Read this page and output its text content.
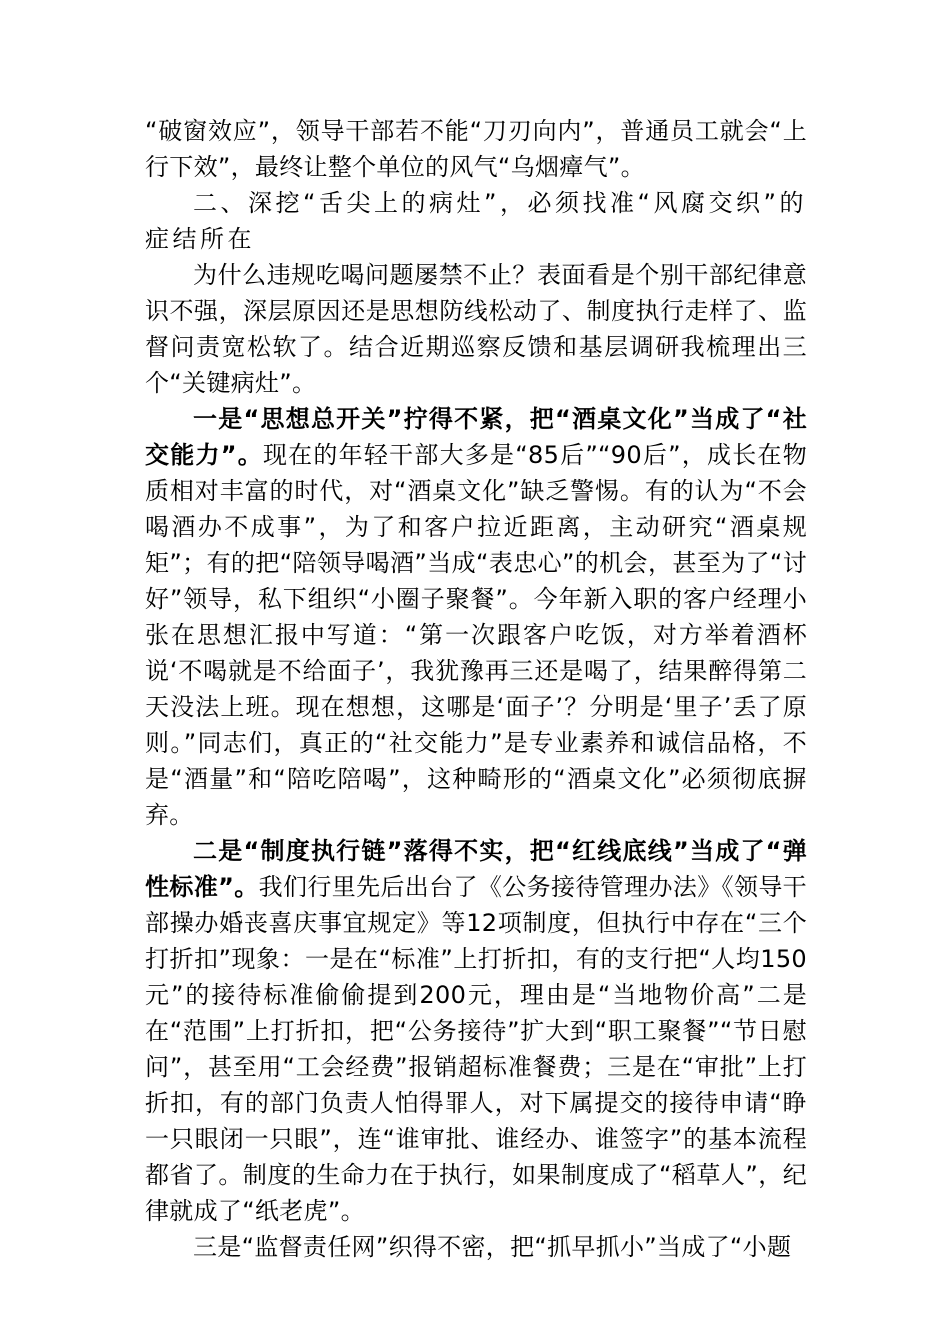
“破窗效应”，领导干部若不能“刀刃向内”，普通员工就会“上行下效”，最终让整个单位的风气“乌烟瘴气”。

二、深挖“舌尖上的病灶”，必须找准“风腐交织”的症结所在

为什么违规吃喝问题屡禁不止？表面看是个别干部纪律意识不强，深层原因还是思想防线松动了、制度执行走样了、监督问责宽松软了。结合近期巡察反馈和基层调研我梳理出三个“关键病灶”。

一是“思想总开关”拧得不紧，把“酒桌文化”当成了“社交能力”。现在的年轻干部大多是“85后”“90后”，成长在物质相对丰富的时代，对“酒桌文化”缺乏警惕。有的认为“不会喝酒办不成事”，为了和客户拉近距离，主动研究“酒桌规矩”；有的把“陪领导喝酒”当成“表忠心”的机会，甚至为了“讨好”领导，私下组织“小圈子聚餐”。今年新入职的客户经理小张在思想汇报中写道：“第一次跟客户吃饭，对方举着酒杯说‘不喝就是不给面子’，我犹豫再三还是喝了，结果醉得第二天没法上班。现在想想，这哪是‘面子’？分明是‘里子’丢了原则。”同志们，真正的“社交能力”是专业素养和诚信品格，不是“酒量”和“陪吃陪喝”，这种畸形的“酒桌文化”必须彻底摒弃。

二是“制度执行链”落得不实，把“红线底线”当成了“弹性标准”。我们行里先后出台了《公务接待管理办法》《领导干部操办婚丧喜庆事宜规定》等12项制度，但执行中存在“三个打折扣”现象：一是在“标准”上打折扣，有的支行把“人均150元”的接待标准偷偷提到200元，理由是“当地物价高”二是在“范围”上打折扣，把“公务接待”扩大到“职工聚餐”“节日慰问”，甚至用“工会经费”报销超标准餐费；三是在“审批”上打折扣，有的部门负责人怕得罪人，对下属提交的接待申请“睁一只眼闭一只眼”，连“谁审批、谁经办、谁签字”的基本流程都省了。制度的生命力在于执行，如果制度成了“稻草人”，纪律就成了“纸老虎”。

三是“监督责任网”织得不密，把“抓早抓小”当成了“小题
